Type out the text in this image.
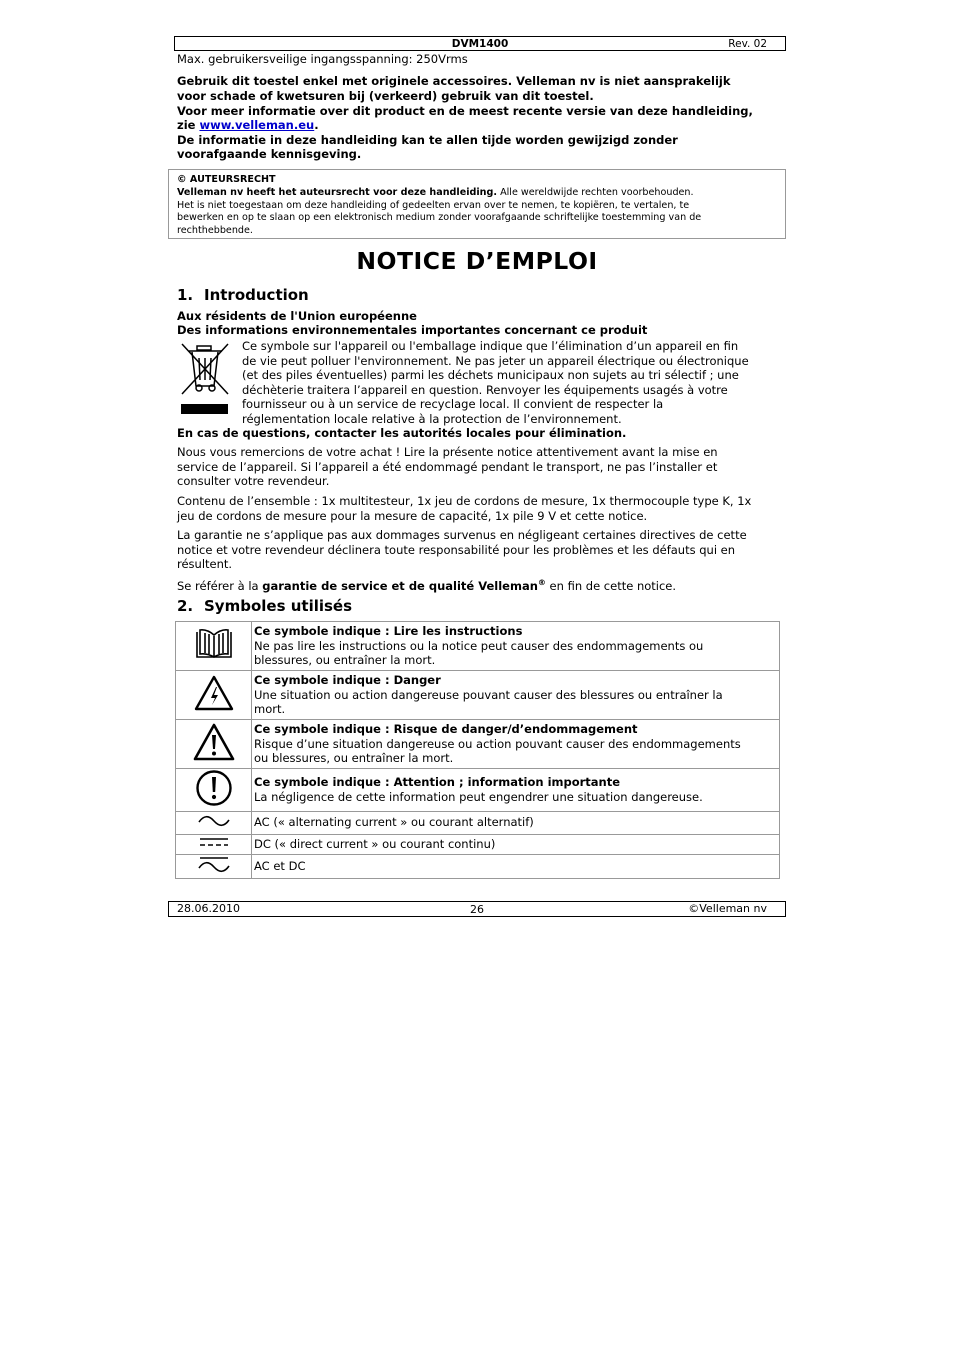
DVM1400	Rev. 02
Max. gebruikersveilige ingangsspanning: 250Vrms
Gebruik dit toestel enkel met originele accessoires. Velleman nv is niet aansprakelijk
voor schade of kwetsuren bij (verkeerd) gebruik van dit toestel.
Voor meer informatie over dit product en de meest recente versie van deze handleiding,
zie www.velleman.eu.
De informatie in deze handleiding kan te allen tijde worden gewijzigd zonder
voorafgaande kennisgeving.
© AUTEURSRECHT
Velleman nv heeft het auteursrecht voor deze handleiding. Alle wereldwijde rechten voorbehouden.
Het is niet toegestaan om deze handleiding of gedeelten ervan over te nemen, te kopiëren, te vertalen, te
bewerken en op te slaan op een elektronisch medium zonder voorafgaande schriftelijke toestemming van de
rechthebbende.
NOTICE D’EMPLOI
1. Introduction
Aux résidents de l'Union européenne
Des informations environnementales importantes concernant ce produit
Ce symbole sur l'appareil ou l'emballage indique que l’élimination d’un appareil en fin
de vie peut polluer l'environnement. Ne pas jeter un appareil électrique ou électronique
(et des piles éventuelles) parmi les déchets municipaux non sujets au tri sélectif ; une
déchèterie traitera l’appareil en question. Renvoyer les équipements usagés à votre
fournisseur ou à un service de recyclage local. Il convient de respecter la
réglementation locale relative à la protection de l’environnement.
En cas de questions, contacter les autorités locales pour élimination.
Nous vous remercions de votre achat ! Lire la présente notice attentivement avant la mise en
service de l’appareil. Si l’appareil a été endommagé pendant le transport, ne pas l’installer et
consulter votre revendeur.
Contenu de l’ensemble : 1x multitesteur, 1x jeu de cordons de mesure, 1x thermocouple type K, 1x
jeu de cordons de mesure pour la mesure de capacité, 1x pile 9 V et cette notice.
La garantie ne s’applique pas aux dommages survenus en négligeant certaines directives de cette
notice et votre revendeur déclinera toute responsabilité pour les problèmes et les défauts qui en
résultent.
Se référer à la garantie de service et de qualité Velleman® en fin de cette notice.
2. Symboles utilisés

Ce symbole indique : Lire les instructions
Ne pas lire les instructions ou la notice peut causer des endommagements ou
blessures, ou entraîner la mort.

Ce symbole indique : Danger
Une situation ou action dangereuse pouvant causer des blessures ou entraîner la
mort.

Ce symbole indique : Risque de danger/d’endommagement
Risque d’une situation dangereuse ou action pouvant causer des endommagements
ou blessures, ou entraîner la mort.

Ce symbole indique : Attention ; information importante
La négligence de cette information peut engendrer une situation dangereuse.

AC (« alternating current » ou courant alternatif)

DC (« direct current » ou courant continu)

AC et DC
28.06.2010	26	©Velleman nv
